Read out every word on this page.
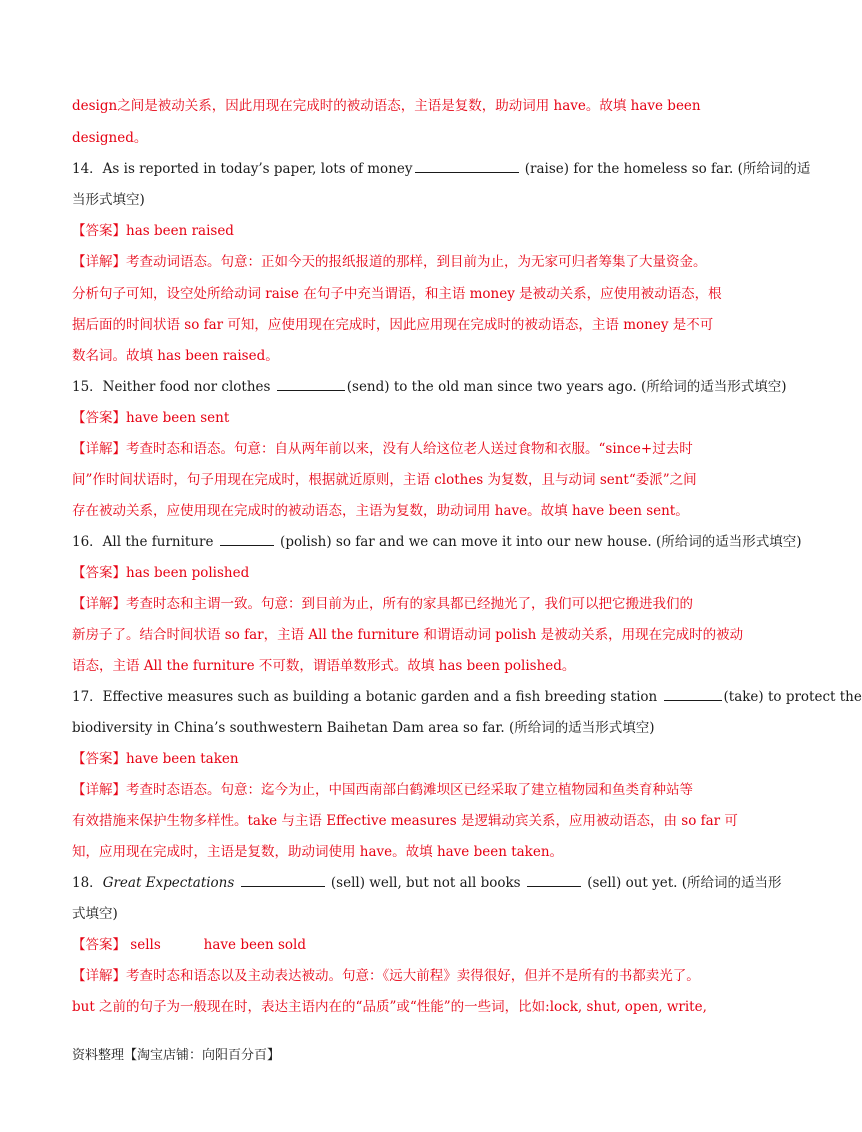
design之间是被动关系，因此用现在完成时的被动语态，主语是复数，助动词用 have。故填 have been
designed。
14．As is reported in today’s paper, lots of money	(raise) for the homeless so far. (所给词的适
当形式填空)
【答案】has been raised
【详解】考查动词语态。句意：正如今天的报纸报道的那样，到目前为止，为无家可归者筹集了大量资金。
分析句子可知，设空处所给动词 raise 在句子中充当谓语，和主语 money 是被动关系，应使用被动语态，根
据后面的时间状语 so far 可知，应使用现在完成时，因此应用现在完成时的被动语态，主语 money 是不可
数名词。故填 has been raised。
15．Neither food nor clothes	(send) to the old man since two years ago. (所给词的适当形式填空)
【答案】have been sent
【详解】考查时态和语态。句意：自从两年前以来，没有人给这位老人送过食物和衣服。“since+过去时
间”作时间状语时，句子用现在完成时，根据就近原则，主语 clothes 为复数，且与动词 sent“委派”之间
存在被动关系，应使用现在完成时的被动语态，主语为复数，助动词用 have。故填 have been sent。
16．All the furniture	(polish) so far and we can move it into our new house. (所给词的适当形式填空)
【答案】has been polished
【详解】考查时态和主谓一致。句意：到目前为止，所有的家具都已经抛光了，我们可以把它搬进我们的
新房子了。结合时间状语 so far，主语 All the furniture 和谓语动词 polish 是被动关系，用现在完成时的被动
语态，主语 All the furniture 不可数，谓语单数形式。故填 has been polished。
17．Effective measures such as building a botanic garden and a fish breeding station	(take) to protect the
biodiversity in China’s southwestern Baihetan Dam area so far. (所给词的适当形式填空)
【答案】have been taken
【详解】考查时态语态。句意：迄今为止，中国西南部白鹤滩坝区已经采取了建立植物园和鱼类育种站等
有效措施来保护生物多样性。take 与主语 Effective measures 是逻辑动宾关系，应用被动语态，由 so far 可
知，应用现在完成时，主语是复数，助动词使用 have。故填 have been taken。
18．Great Expectations	(sell) well, but not all books	(sell) out yet. (所给词的适当形
式填空)
【答案】 sells          have been sold
【详解】考查时态和语态以及主动表达被动。句意：《远大前程》卖得很好，但并不是所有的书都卖光了。
but 之前的句子为一般现在时，表达主语内在的“品质”或“性能”的一些词，比如:lock, shut, open, write,
资料整理【淘宝店铺：向阳百分百】
